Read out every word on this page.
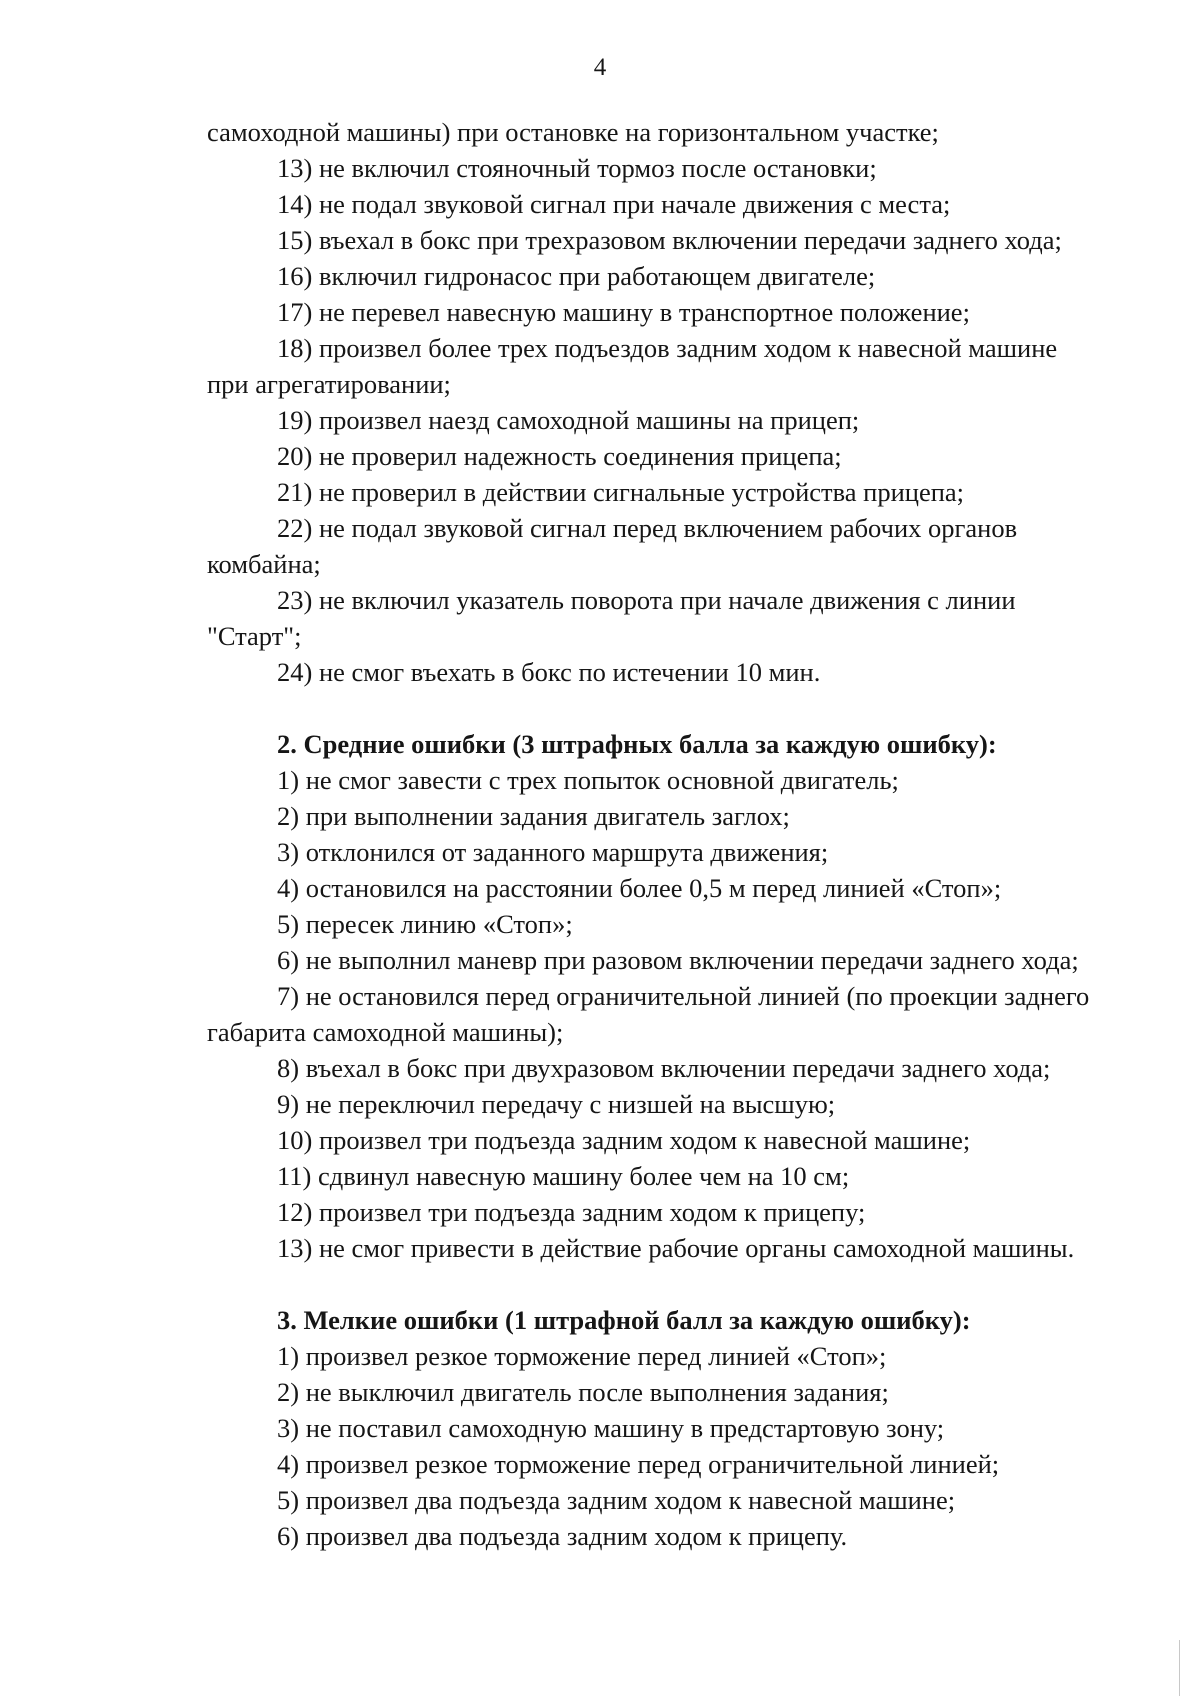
4
самоходной машины) при остановке на горизонтальном участке;
13) не включил стояночный тормоз после остановки;
14) не подал звуковой сигнал при начале движения с места;
15) въехал в бокс при трехразовом включении передачи заднего хода;
16) включил гидронасос при работающем двигателе;
17) не перевел навесную машину в транспортное положение;
18) произвел более трех подъездов задним ходом к навесной машине
при агрегатировании;
19) произвел наезд самоходной машины на прицеп;
20) не проверил надежность соединения прицепа;
21) не проверил в действии сигнальные устройства прицепа;
22) не подал звуковой сигнал перед включением рабочих органов
комбайна;
23) не включил указатель поворота при начале движения с линии
"Старт";
24) не смог въехать в бокс по истечении 10 мин.
2. Средние ошибки (3 штрафных балла за каждую ошибку):
1) не смог завести с трех попыток основной двигатель;
2) при выполнении задания двигатель заглох;
3) отклонился от заданного маршрута движения;
4) остановился на расстоянии более 0,5 м перед линией «Стоп»;
5) пересек линию «Стоп»;
6) не выполнил маневр при разовом включении передачи заднего хода;
7) не остановился перед ограничительной линией (по проекции заднего
габарита самоходной машины);
8) въехал в бокс при двухразовом включении передачи заднего хода;
9) не переключил передачу с низшей на высшую;
10) произвел три подъезда задним ходом к навесной машине;
11) сдвинул навесную машину более чем на 10 см;
12) произвел три подъезда задним ходом к прицепу;
13) не смог привести в действие рабочие органы самоходной машины.
3. Мелкие ошибки (1 штрафной балл за каждую ошибку):
1) произвел резкое торможение перед линией «Стоп»;
2) не выключил двигатель после выполнения задания;
3) не поставил самоходную машину в предстартовую зону;
4) произвел резкое торможение перед ограничительной линией;
5) произвел два подъезда задним ходом к навесной машине;
6) произвел два подъезда задним ходом к прицепу.
